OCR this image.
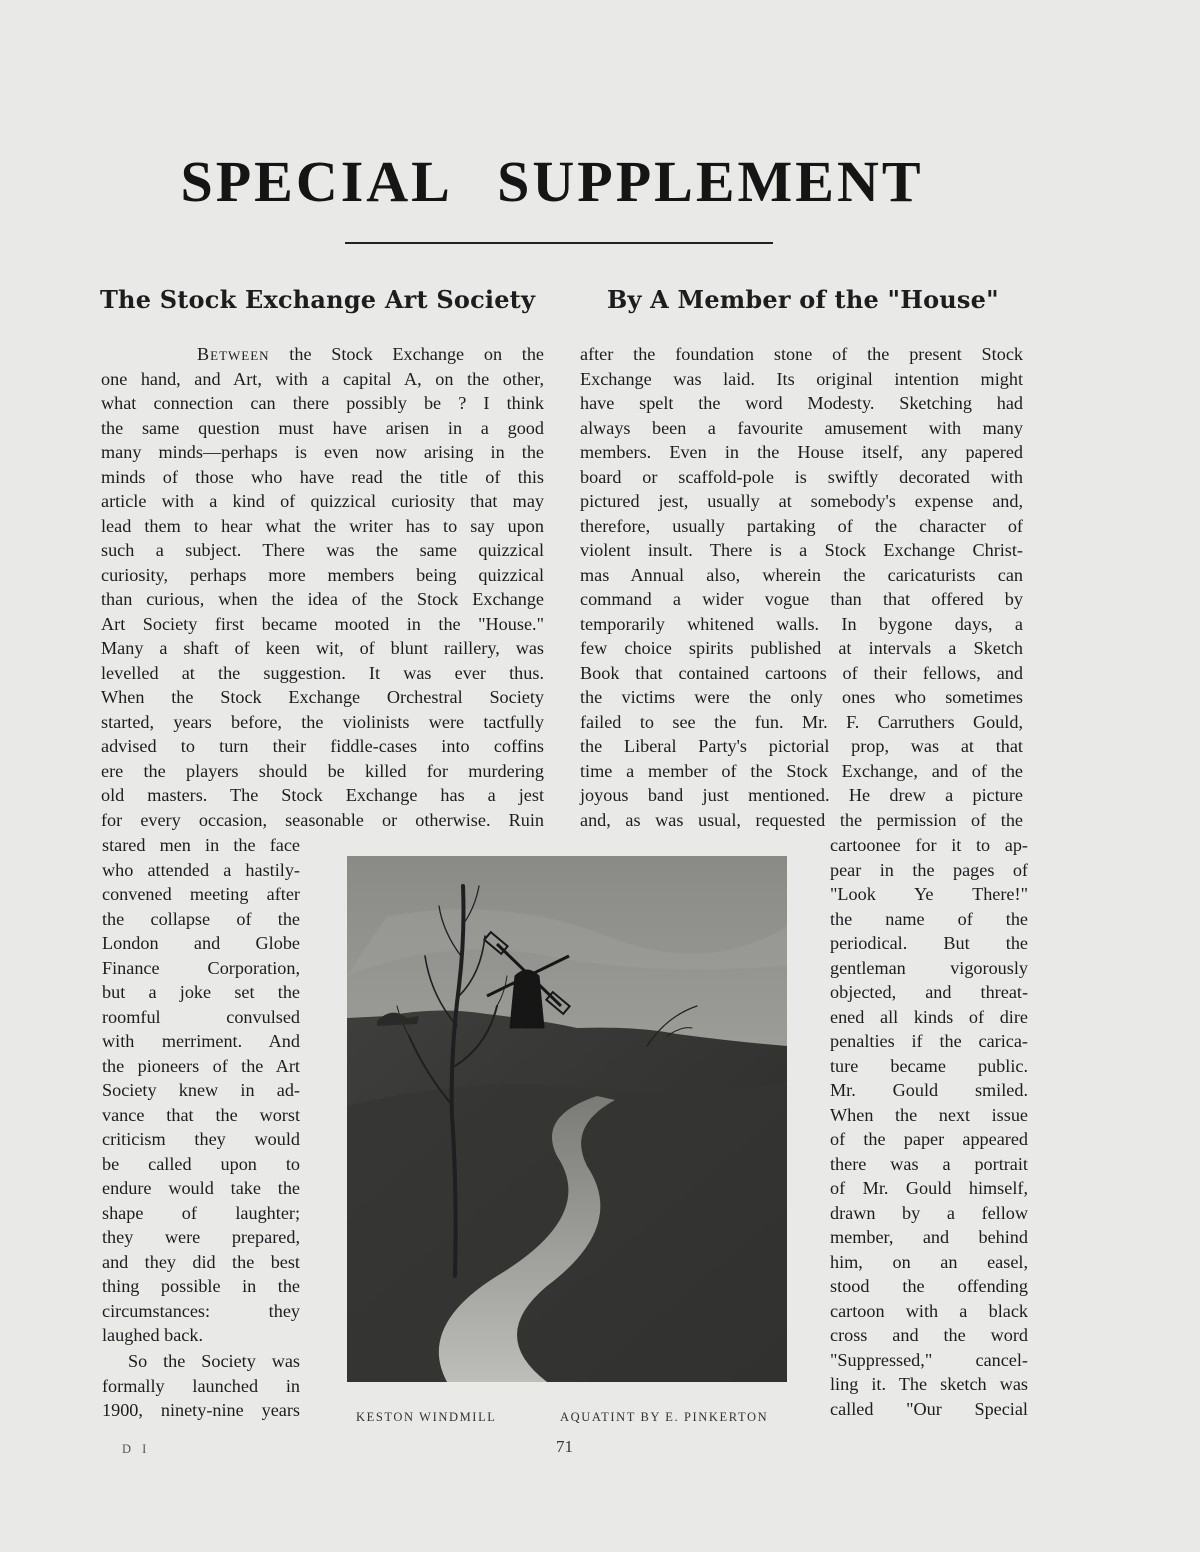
SPECIAL SUPPLEMENT
The Stock Exchange Art Society	By A Member of the "House"

Between the Stock Exchange on the
one hand, and Art, with a capital A, on the other,
what connection can there possibly be ? I think
the same question must have arisen in a good
many minds—perhaps is even now arising in the
minds of those who have read the title of this
article with a kind of quizzical curiosity that may
lead them to hear what the writer has to say upon
such a subject. There was the same quizzical
curiosity, perhaps more members being quizzical
than curious, when the idea of the Stock Exchange
Art Society first became mooted in the "House."
Many a shaft of keen wit, of blunt raillery, was
levelled at the suggestion. It was ever thus.
When the Stock Exchange Orchestral Society
started, years before, the violinists were tactfully
advised to turn their fiddle-cases into coffins
ere the players should be killed for murdering
old masters. The Stock Exchange has a jest
for every occasion, seasonable or otherwise. Ruin

after the foundation stone of the present Stock
Exchange was laid. Its original intention might
have spelt the word Modesty. Sketching had
always been a favourite amusement with many
members. Even in the House itself, any papered
board or scaffold-pole is swiftly decorated with
pictured jest, usually at somebody's expense and,
therefore, usually partaking of the character of
violent insult. There is a Stock Exchange Christ-
mas Annual also, wherein the caricaturists can
command a wider vogue than that offered by
temporarily whitened walls. In bygone days, a
few choice spirits published at intervals a Sketch
Book that contained cartoons of their fellows, and
the victims were the only ones who sometimes
failed to see the fun. Mr. F. Carruthers Gould,
the Liberal Party's pictorial prop, was at that
time a member of the Stock Exchange, and of the
joyous band just mentioned. He drew a picture
and, as was usual, requested the permission of the

stared men in the face
who attended a hastily-
convened meeting after
the collapse of the
London and Globe
Finance Corporation,
but a joke set the
roomful convulsed
with merriment. And
the pioneers of the Art
Society knew in ad-
vance that the worst
criticism they would
be called upon to
endure would take the
shape of laughter;
they were prepared,
and they did the best
thing possible in the
circumstances: they
laughed back.

So the Society was
formally launched in
1900, ninety-nine years

cartoonee for it to ap-
pear in the pages of
"Look Ye There!"
the name of the
periodical. But the
gentleman vigorously
objected, and threat-
ened all kinds of dire
penalties if the carica-
ture became public.
Mr. Gould smiled.
When the next issue
of the paper appeared
there was a portrait
of Mr. Gould himself,
drawn by a fellow
member, and behind
him, on an easel,
stood the offending
cartoon with a black
cross and the word
"Suppressed," cancel-
ling it. The sketch was
called "Our Special

KESTON WINDMILL	AQUATINT BY E. PINKERTON

D I	71
